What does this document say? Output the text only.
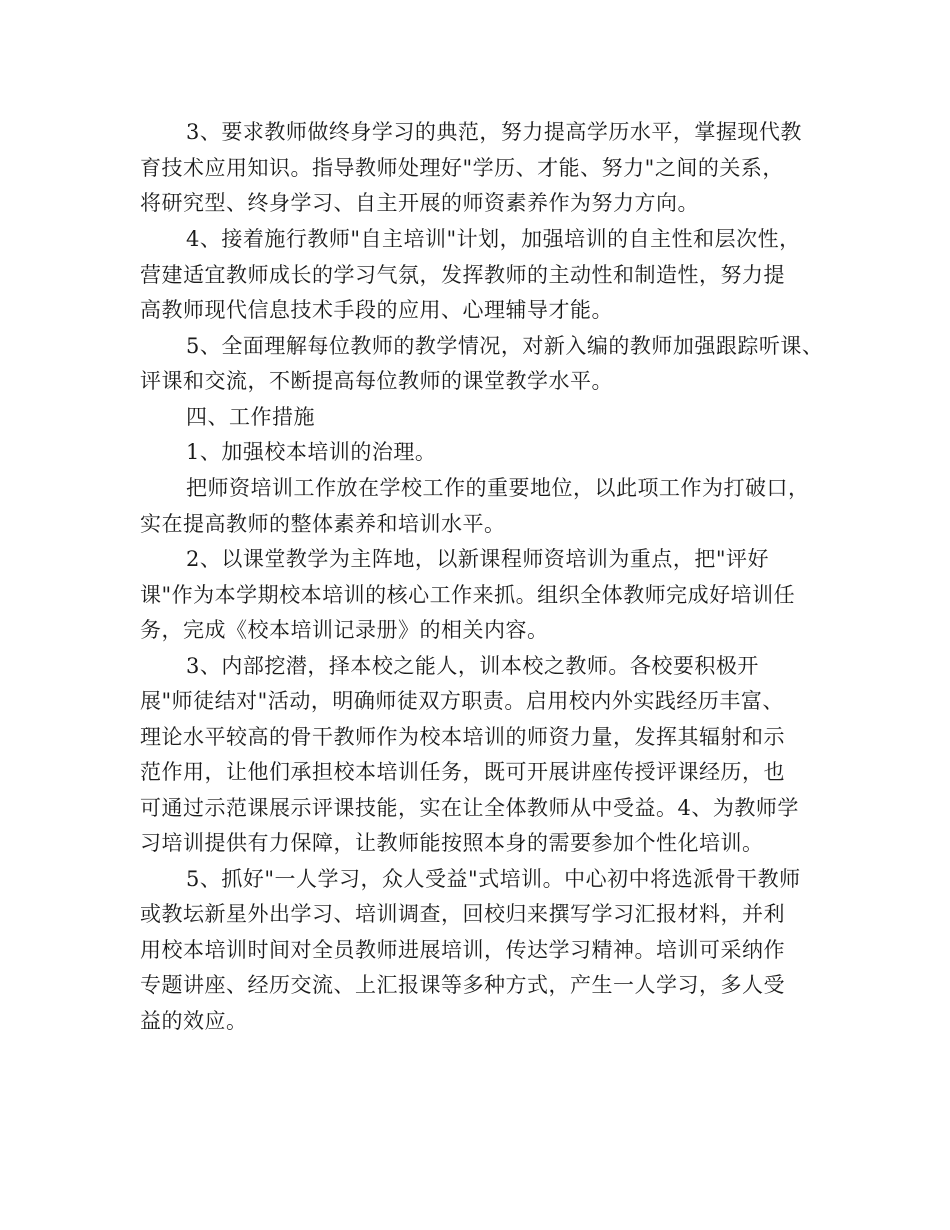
3、要求教师做终身学习的典范，努力提高学历水平，掌握现代教
育技术应用知识。指导教师处理好"学历、才能、努力"之间的关系，
将研究型、终身学习、自主开展的师资素养作为努力方向。
4、接着施行教师"自主培训"计划，加强培训的自主性和层次性，
营建适宜教师成长的学习气氛，发挥教师的主动性和制造性，努力提
高教师现代信息技术手段的应用、心理辅导才能。
5、全面理解每位教师的教学情况，对新入编的教师加强跟踪听课、
评课和交流，不断提高每位教师的课堂教学水平。
四、工作措施
1、加强校本培训的治理。
把师资培训工作放在学校工作的重要地位，以此项工作为打破口，
实在提高教师的整体素养和培训水平。
2、以课堂教学为主阵地，以新课程师资培训为重点，把"评好
课"作为本学期校本培训的核心工作来抓。组织全体教师完成好培训任
务，完成《校本培训记录册》的相关内容。
3、内部挖潜，择本校之能人，训本校之教师。各校要积极开
展"师徒结对"活动，明确师徒双方职责。启用校内外实践经历丰富、
理论水平较高的骨干教师作为校本培训的师资力量，发挥其辐射和示
范作用，让他们承担校本培训任务，既可开展讲座传授评课经历，也
可通过示范课展示评课技能，实在让全体教师从中受益。4、为教师学
习培训提供有力保障，让教师能按照本身的需要参加个性化培训。
5、抓好"一人学习，众人受益"式培训。中心初中将选派骨干教师
或教坛新星外出学习、培训调查，回校归来撰写学习汇报材料，并利
用校本培训时间对全员教师进展培训，传达学习精神。培训可采纳作
专题讲座、经历交流、上汇报课等多种方式，产生一人学习，多人受
益的效应。
